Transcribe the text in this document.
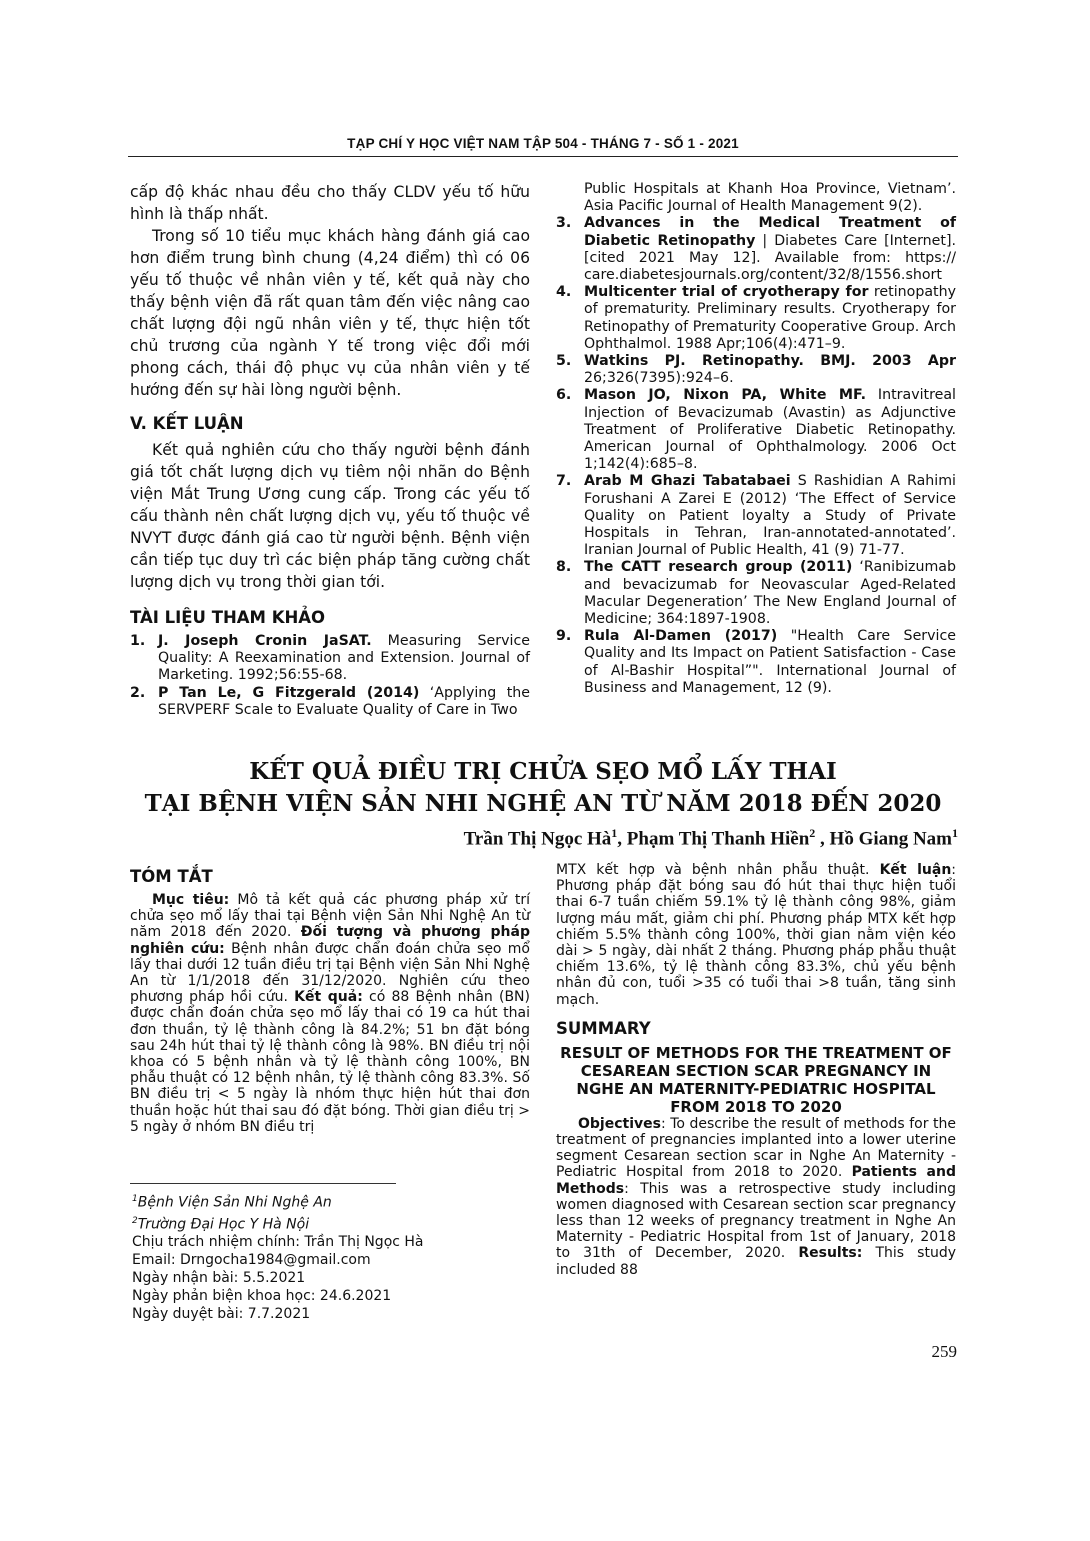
TẠP CHÍ Y HỌC VIỆT NAM TẬP 504 - THÁNG 7 - SỐ 1 - 2021

cấp độ khác nhau đều cho thấy CLDV yếu tố hữu hình là thấp nhất.

Trong số 10 tiểu mục khách hàng đánh giá cao hơn điểm trung bình chung (4,24 điểm) thì có 06 yếu tố thuộc về nhân viên y tế, kết quả này cho thấy bệnh viện đã rất quan tâm đến việc nâng cao chất lượng đội ngũ nhân viên y tế, thực hiện tốt chủ trương của ngành Y tế trong việc đổi mới phong cách, thái độ phục vụ của nhân viên y tế hướng đến sự hài lòng người bệnh.

V. KẾT LUẬN

Kết quả nghiên cứu cho thấy người bệnh đánh giá tốt chất lượng dịch vụ tiêm nội nhãn do Bệnh viện Mắt Trung Ương cung cấp. Trong các yếu tố cấu thành nên chất lượng dịch vụ, yếu tố thuộc về NVYT được đánh giá cao từ người bệnh. Bệnh viện cần tiếp tục duy trì các biện pháp tăng cường chất lượng dịch vụ trong thời gian tới.

TÀI LIỆU THAM KHẢO
1. J. Joseph Cronin JaSAT. Measuring Service Quality: A Reexamination and Extension. Journal of Marketing. 1992;56:55-68.
2. P Tan Le, G Fitzgerald (2014) ‘Applying the SERVPERF Scale to Evaluate Quality of Care in Two
Public Hospitals at Khanh Hoa Province, Vietnam’. Asia Pacific Journal of Health Management 9(2).
3. Advances in the Medical Treatment of Diabetic Retinopathy | Diabetes Care [Internet]. [cited 2021 May 12]. Available from: https:// care.diabetesjournals.org/content/32/8/1556.short
4. Multicenter trial of cryotherapy for retinopathy of prematurity. Preliminary results. Cryotherapy for Retinopathy of Prematurity Cooperative Group. Arch Ophthalmol. 1988 Apr;106(4):471–9.
5. Watkins PJ. Retinopathy. BMJ. 2003 Apr 26;326(7395):924–6.
6. Mason JO, Nixon PA, White MF. Intravitreal Injection of Bevacizumab (Avastin) as Adjunctive Treatment of Proliferative Diabetic Retinopathy. American Journal of Ophthalmology. 2006 Oct 1;142(4):685–8.
7. Arab M Ghazi Tabatabaei S Rashidian A Rahimi Forushani A Zarei E (2012) ‘The Effect of Service Quality on Patient loyalty a Study of Private Hospitals in Tehran, Iran-annotated-annotated’. Iranian Journal of Public Health, 41 (9) 71-77.
8. The CATT research group (2011) ‘Ranibizumab and bevacizumab for Neovascular Aged-Related Macular Degeneration’ The New England Journal of Medicine; 364:1897-1908.
9. Rula Al-Damen (2017) "Health Care Service Quality and Its Impact on Patient Satisfaction - Case of Al-Bashir Hospital”". International Journal of Business and Management, 12 (9).
KẾT QUẢ ĐIỀU TRỊ CHỬA SẸO MỔ LẤY THAI
TẠI BỆNH VIỆN SẢN NHI NGHỆ AN TỪ NĂM 2018 ĐẾN 2020
Trần Thị Ngọc $Hà^1$, Phạm Thị Thanh Hiền$^2$ , Hồ Giang Nam$^1$
TÓM TẮT

Mục tiêu: Mô tả kết quả các phương pháp xử trí chửa sẹo mổ lấy thai tại Bệnh viện Sản Nhi Nghệ An từ năm 2018 đến 2020. Đối tượng và phương pháp nghiên cứu: Bệnh nhân được chẩn đoán chửa sẹo mổ lấy thai dưới 12 tuần điều trị tại Bệnh viện Sản Nhi Nghệ An từ 1/1/2018 đến 31/12/2020. Nghiên cứu theo phương pháp hồi cứu. Kết quả: có 88 Bệnh nhân (BN) được chẩn đoán chửa sẹo mổ lấy thai có 19 ca hút thai đơn thuần, tỷ lệ thành công là 84.2%; 51 bn đặt bóng sau 24h hút thai tỷ lệ thành công là 98%. BN điều trị nội khoa có 5 bệnh nhân và tỷ lệ thành công 100%, BN phẫu thuật có 12 bệnh nhân, tỷ lệ thành công 83.3%. Số BN điều trị < 5 ngày là nhóm thực hiện hút thai đơn thuần hoặc hút thai sau đó đặt bóng. Thời gian điều trị > 5 ngày ở nhóm BN điều trị

MTX kết hợp và bệnh nhân phẫu thuật. Kết luận: Phương pháp đặt bóng sau đó hút thai thực hiện tuổi thai 6-7 tuần chiếm 59.1% tỷ lệ thành công 98%, giảm lượng máu mất, giảm chi phí. Phương pháp MTX kết hợp chiếm 5.5% thành công 100%, thời gian nằm viện kéo dài > 5 ngày, dài nhất 2 tháng. Phương pháp phẫu thuật chiếm 13.6%, tỷ lệ thành công 83.3%, chủ yếu bệnh nhân đủ con, tuổi >35 có tuổi thai >8 tuần, tăng sinh mạch.

SUMMARY
RESULT OF METHODS FOR THE TREATMENT OF CESAREAN SECTION SCAR PREGNANCY IN NGHE AN MATERNITY-PEDIATRIC HOSPITAL FROM 2018 TO 2020

Objectives: To describe the result of methods for the treatment of pregnancies implanted into a lower uterine segment Cesarean section scar in Nghe An Maternity - Pediatric Hospital from 2018 to 2020. Patients and Methods: This was a retrospective study including women diagnosed with Cesarean section scar pregnancy less than 12 weeks of pregnancy treatment in Nghe An Maternity - Pediatric Hospital from 1st of January, 2018 to 31th of December, 2020. Results: This study included 88

$^1$Bệnh Viện Sản Nhi Nghệ An
$^2$Trường Đại Học Y Hà Nội
Chịu trách nhiệm chính: Trần Thị Ngọc Hà
Email: Drngocha1984@gmail.com
Ngày nhận bài: 5.5.2021
Ngày phản biện khoa học: 24.6.2021
Ngày duyệt bài: 7.7.2021
259
